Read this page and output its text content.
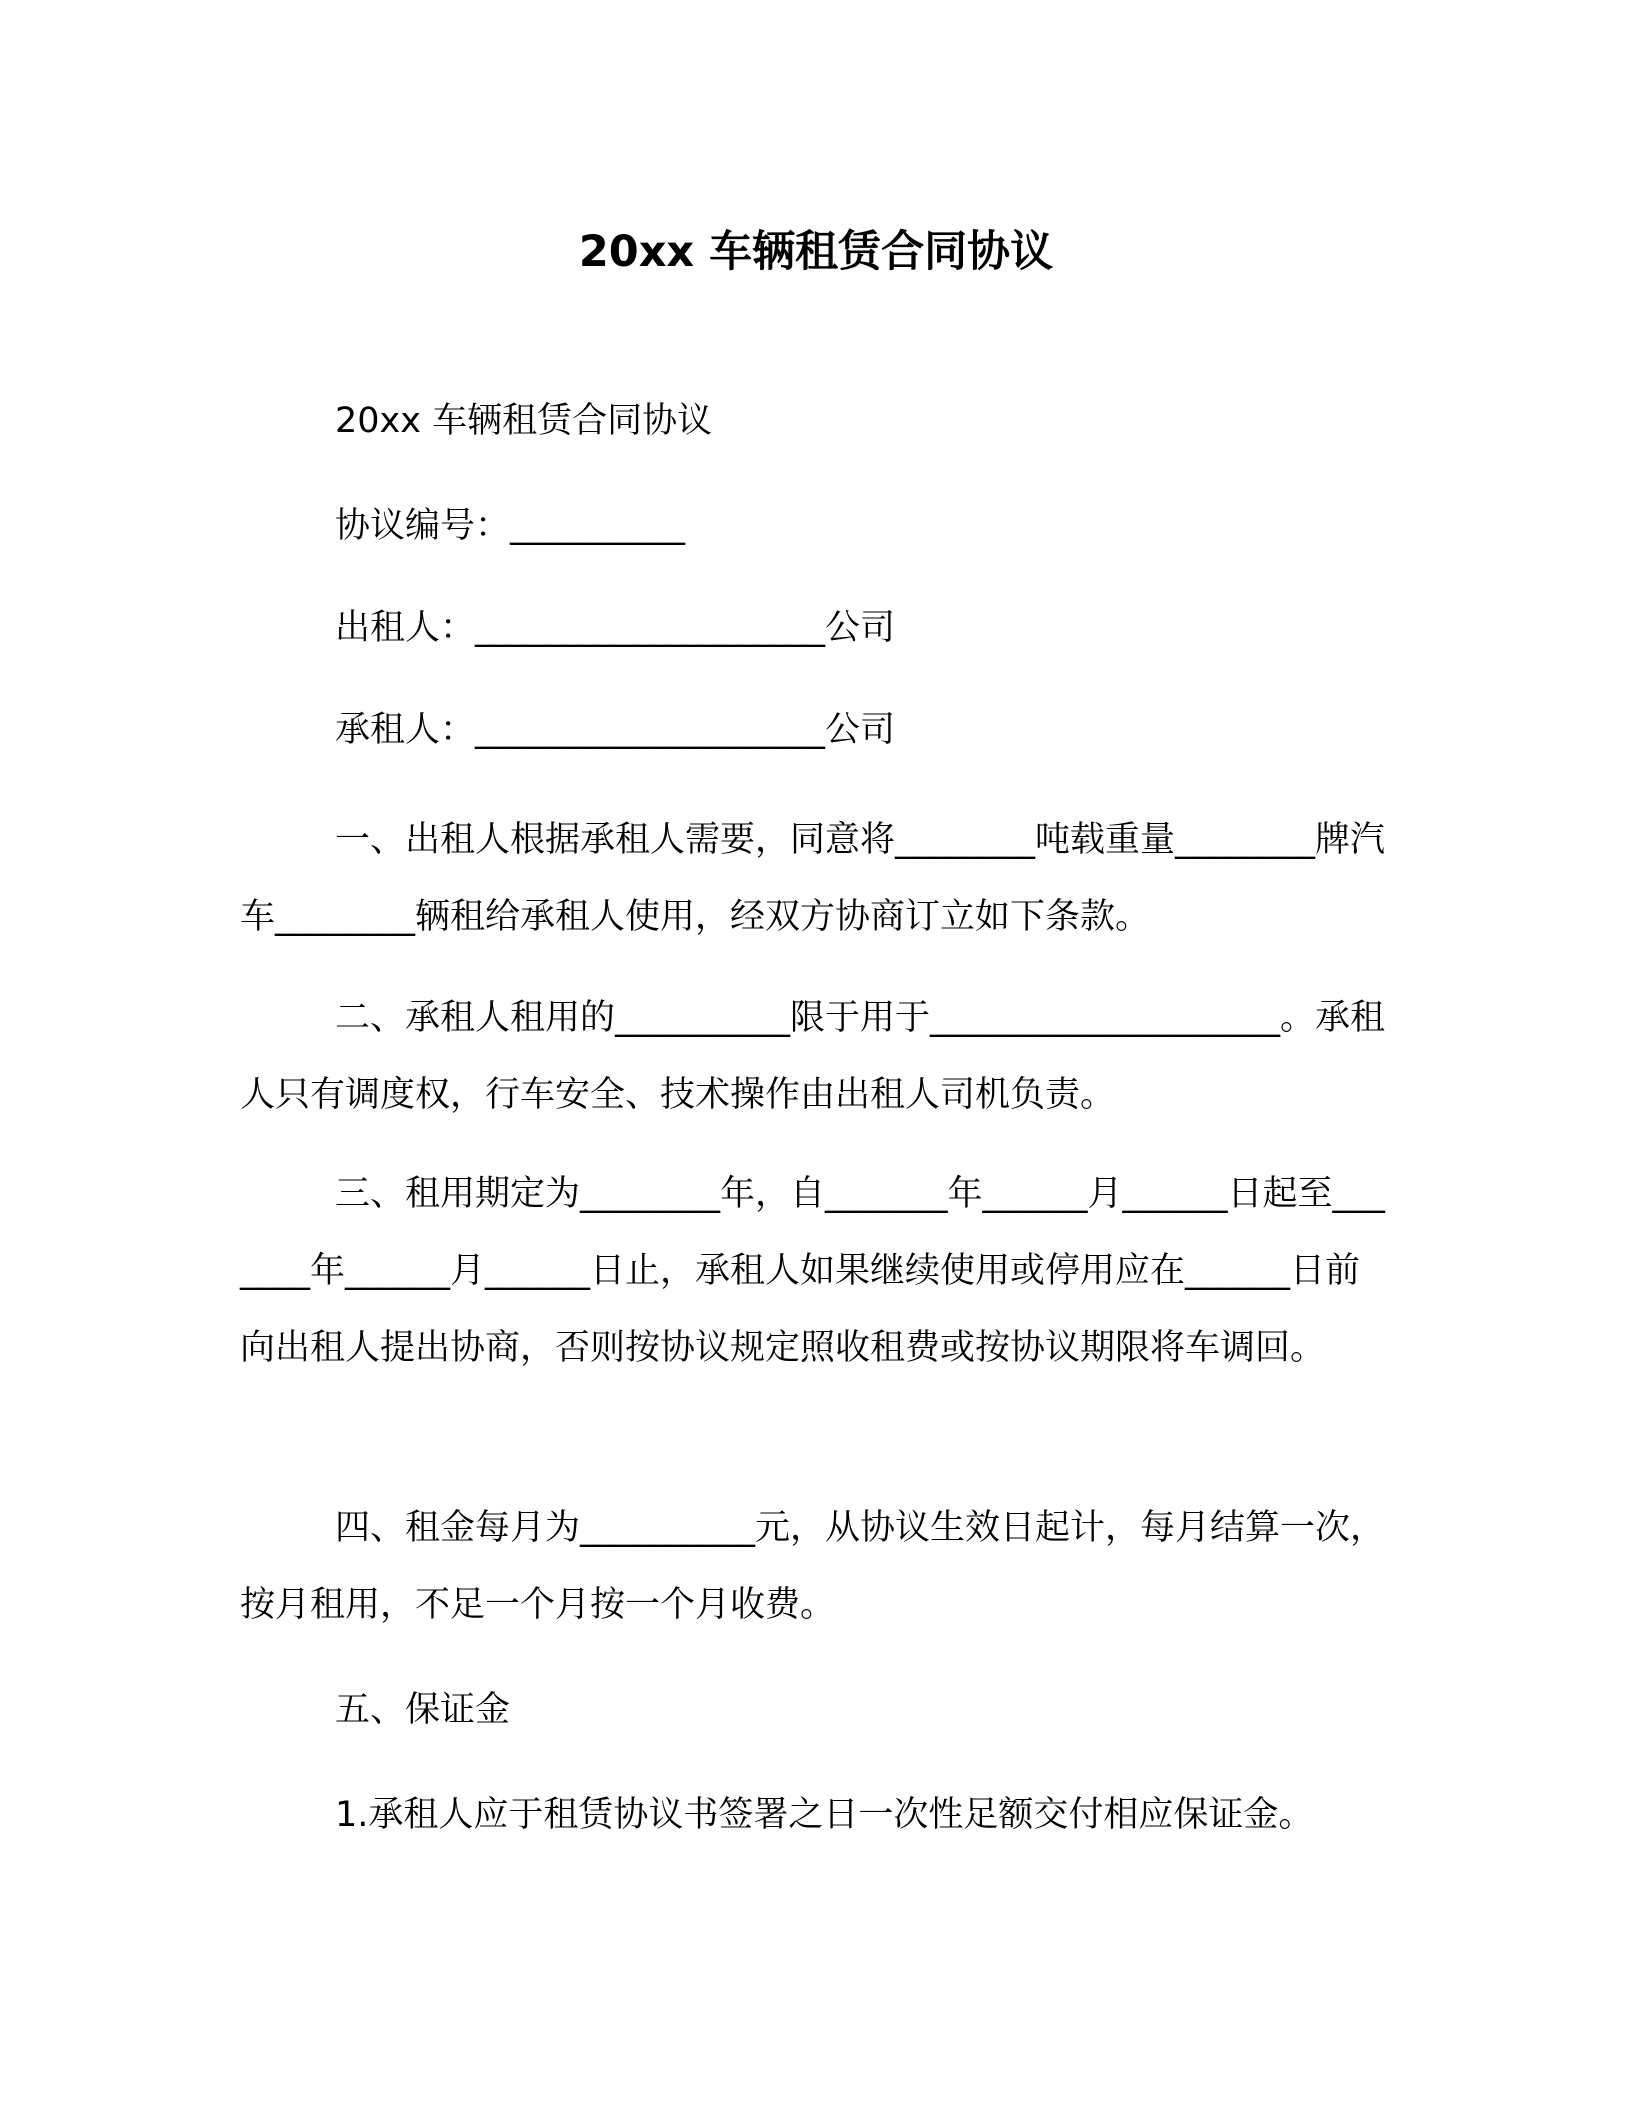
20xx 车辆租赁合同协议
20xx 车辆租赁合同协议
协议编号：__________
出租人：____________________公司
承租人：____________________公司
一、出租人根据承租人需要，同意将________吨载重量________牌汽车________辆租给承租人使用，经双方协商订立如下条款。
二、承租人租用的__________限于用于____________________。承租人只有调度权，行车安全、技术操作由出租人司机负责。
三、租用期定为________年，自_______年______月______日起至_______年______月______日止，承租人如果继续使用或停用应在______日前向出租人提出协商，否则按协议规定照收租费或按协议期限将车调回。
四、租金每月为__________元，从协议生效日起计，每月结算一次，按月租用，不足一个月按一个月收费。
五、保证金
1.承租人应于租赁协议书签署之日一次性足额交付相应保证金。
